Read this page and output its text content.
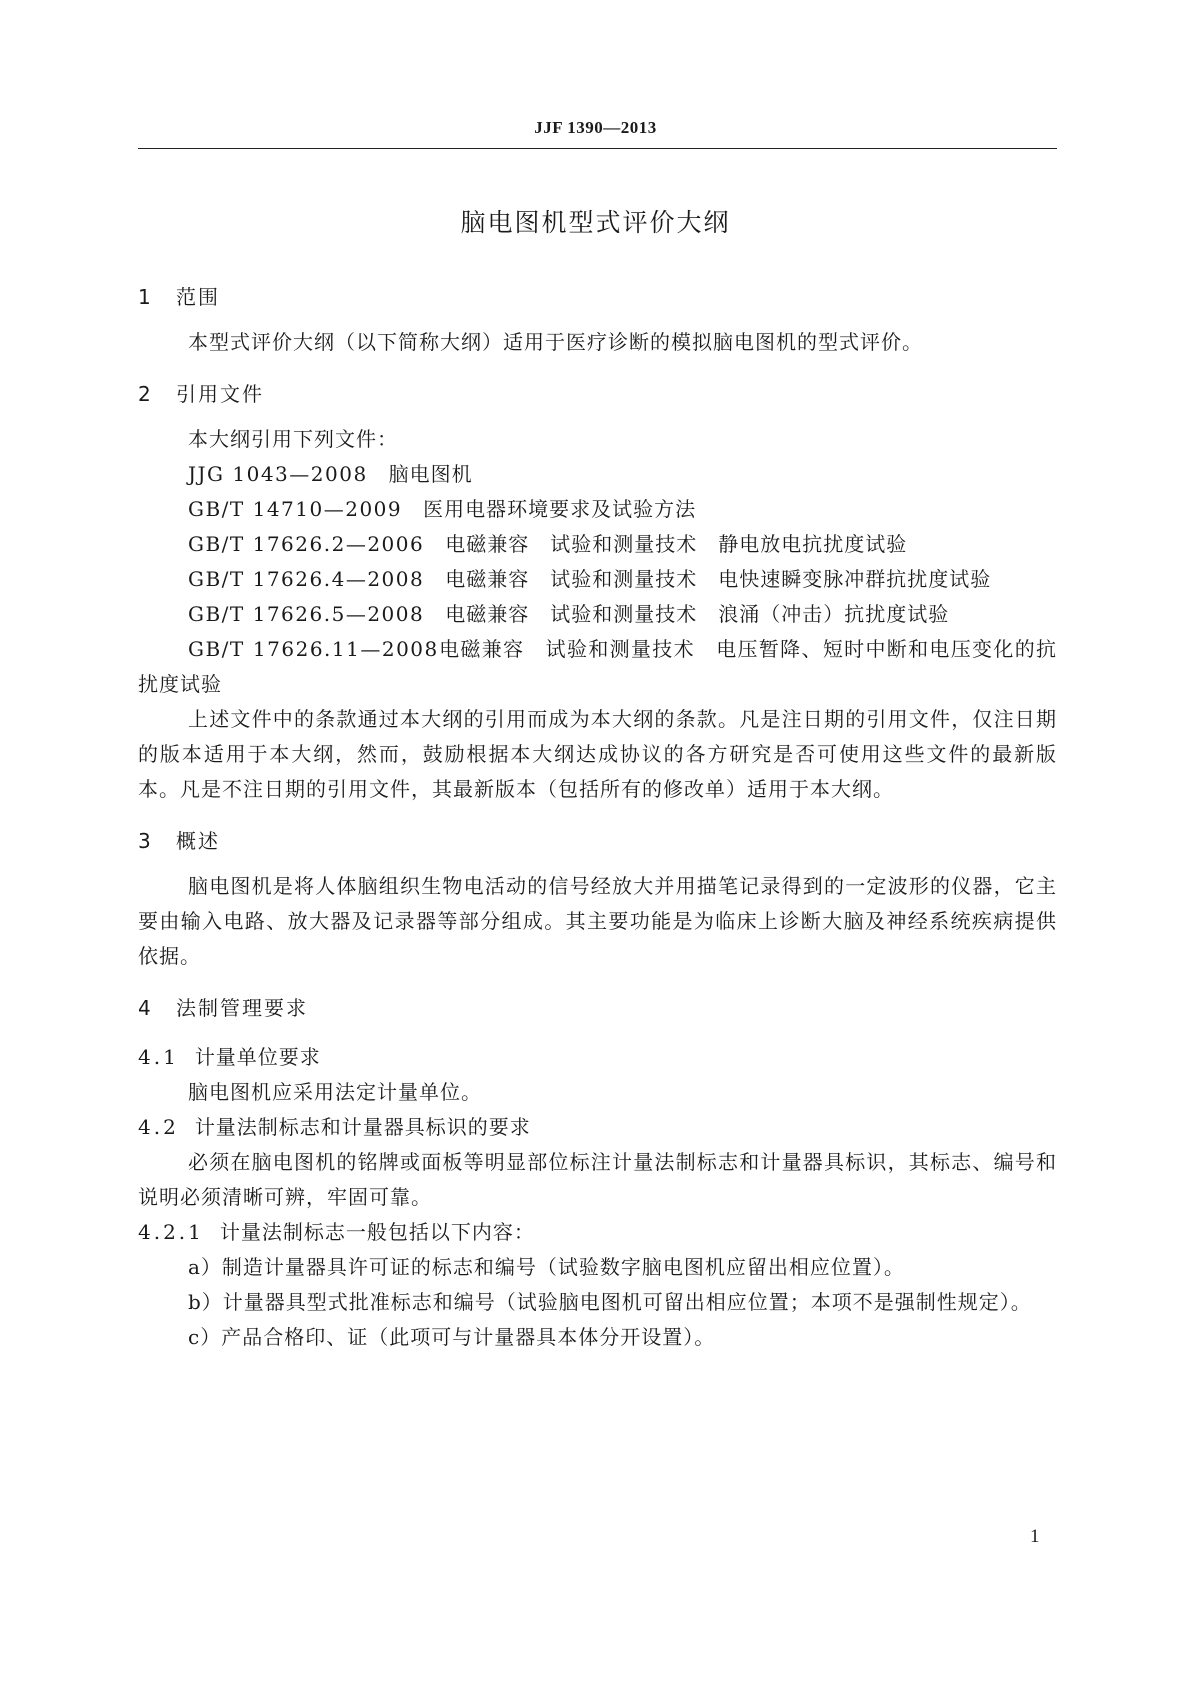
JJF 1390—2013
脑电图机型式评价大纲
1 范围

本型式评价大纲（以下简称大纲）适用于医疗诊断的模拟脑电图机的型式评价。

2 引用文件

本大纲引用下列文件：

JJG 1043—2008　 脑电图机

GB/T 14710—2009　 医用电器环境要求及试验方法

GB/T 17626.2—2006　 电磁兼容　试验和测量技术　静电放电抗扰度试验

GB/T 17626.4—2008　 电磁兼容　试验和测量技术　电快速瞬变脉冲群抗扰度试验

GB/T 17626.5—2008　 电磁兼容　试验和测量技术　浪涌（冲击）抗扰度试验

GB/T 17626.11—2008电磁兼容　试验和测量技术　电压暂降、短时中断和电压变化的抗扰度试验

上述文件中的条款通过本大纲的引用而成为本大纲的条款。凡是注日期的引用文件，仅注日期的版本适用于本大纲，然而，鼓励根据本大纲达成协议的各方研究是否可使用这些文件的最新版本。凡是不注日期的引用文件，其最新版本（包括所有的修改单）适用于本大纲。

3 概述

脑电图机是将人体脑组织生物电活动的信号经放大并用描笔记录得到的一定波形的仪器，它主要由输入电路、放大器及记录器等部分组成。其主要功能是为临床上诊断大脑及神经系统疾病提供依据。

4 法制管理要求

4.1 计量单位要求

脑电图机应采用法定计量单位。

4.2 计量法制标志和计量器具标识的要求

必须在脑电图机的铭牌或面板等明显部位标注计量法制标志和计量器具标识，其标志、编号和说明必须清晰可辨，牢固可靠。

4.2.1 计量法制标志一般包括以下内容：

a）制造计量器具许可证的标志和编号（试验数字脑电图机应留出相应位置）。

b）计量器具型式批准标志和编号（试验脑电图机可留出相应位置；本项不是强制性规定）。

c）产品合格印、证（此项可与计量器具本体分开设置）。

1
